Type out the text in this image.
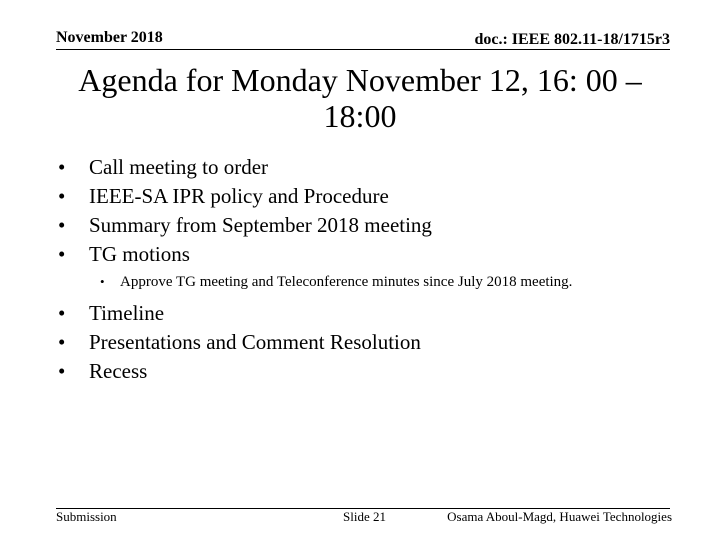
November 2018	doc.: IEEE 802.11-18/1715r3
Agenda for Monday November 12, 16: 00 – 18:00
• Call meeting to order
• IEEE-SA IPR policy and Procedure
• Summary from September 2018 meeting
• TG motions
• Approve TG meeting and Teleconference minutes since July 2018 meeting.
• Timeline
• Presentations and Comment Resolution
• Recess
Submission	Slide 21	Osama Aboul-Magd, Huawei Technologies
